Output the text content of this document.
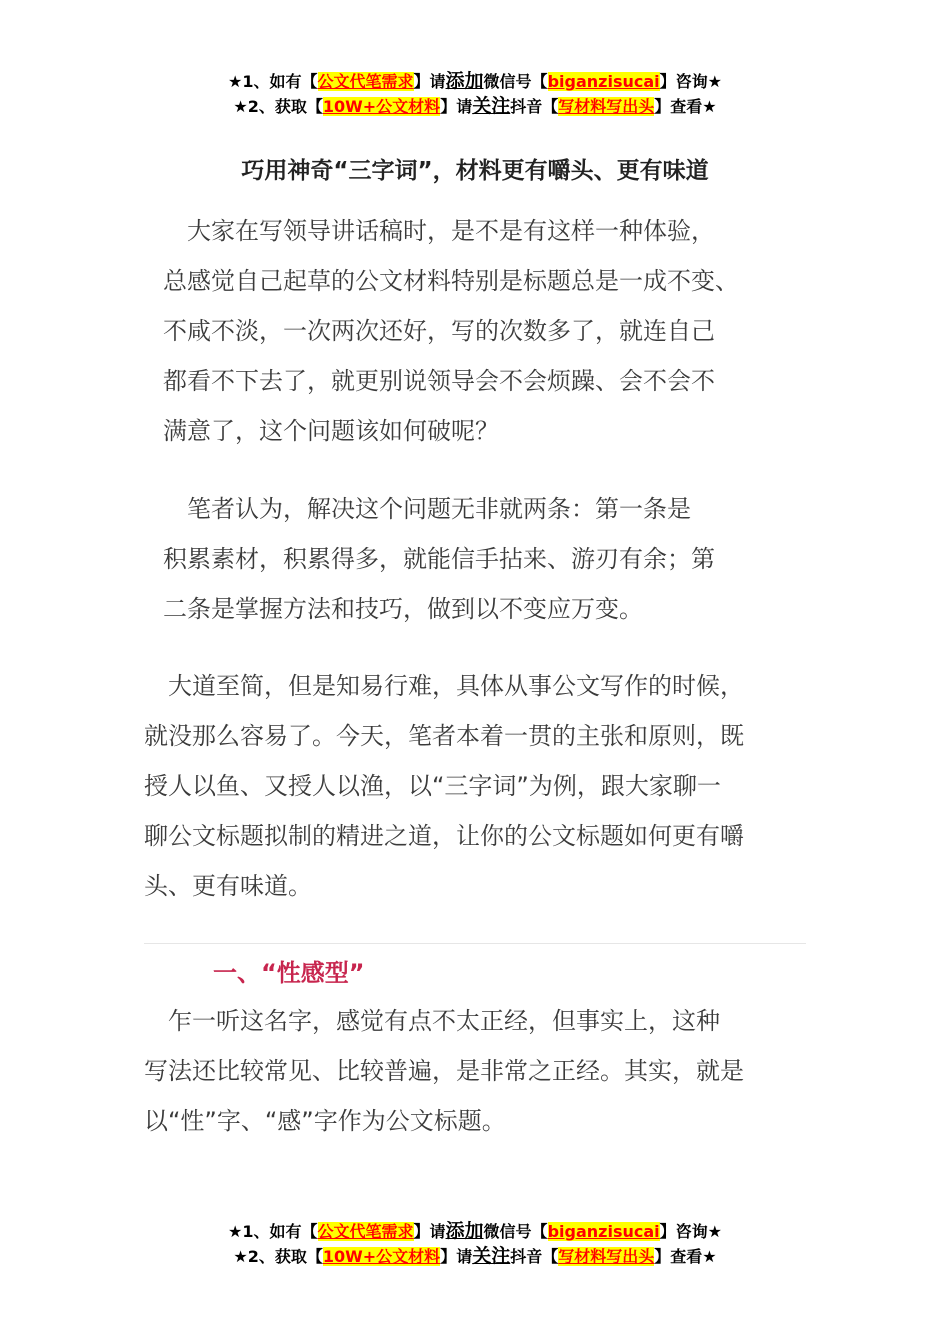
★1、如有【公文代笔需求】请添加微信号【biganzisucai】咨询★
★2、获取【10W+公文材料】请关注抖音【写材料写出头】查看★
巧用神奇“三字词”，材料更有嚼头、更有味道
　大家在写领导讲话稿时，是不是有这样一种体验，
总感觉自己起草的公文材料特别是标题总是一成不变、
不咸不淡，一次两次还好，写的次数多了，就连自己
都看不下去了，就更别说领导会不会烦躁、会不会不
满意了，这个问题该如何破呢？
　笔者认为，解决这个问题无非就两条：第一条是
积累素材，积累得多，就能信手拈来、游刃有余；第
二条是掌握方法和技巧，做到以不变应万变。
　大道至简，但是知易行难，具体从事公文写作的时候，
就没那么容易了。今天，笔者本着一贯的主张和原则，既
授人以鱼、又授人以渔，以“三字词”为例，跟大家聊一
聊公文标题拟制的精进之道，让你的公文标题如何更有嚼
头、更有味道。
一、“性感型”
　乍一听这名字，感觉有点不太正经，但事实上，这种
写法还比较常见、比较普遍，是非常之正经。其实，就是
以“性”字、“感”字作为公文标题。
★1、如有【公文代笔需求】请添加微信号【biganzisucai】咨询★
★2、获取【10W+公文材料】请关注抖音【写材料写出头】查看★
